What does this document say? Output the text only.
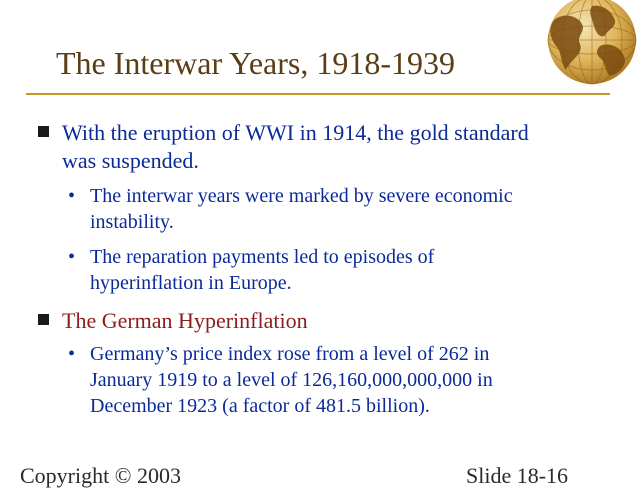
The Interwar Years, 1918-1939
With the eruption of WWI in 1914, the gold standard
was suspended.
• The interwar years were marked by severe economic
instability.
• The reparation payments led to episodes of
hyperinflation in Europe.
The German Hyperinflation
• Germany’s price index rose from a level of 262 in
January 1919 to a level of 126,160,000,000,000 in
December 1923 (a factor of 481.5 billion).
Copyright © 2003	Slide 18-16
